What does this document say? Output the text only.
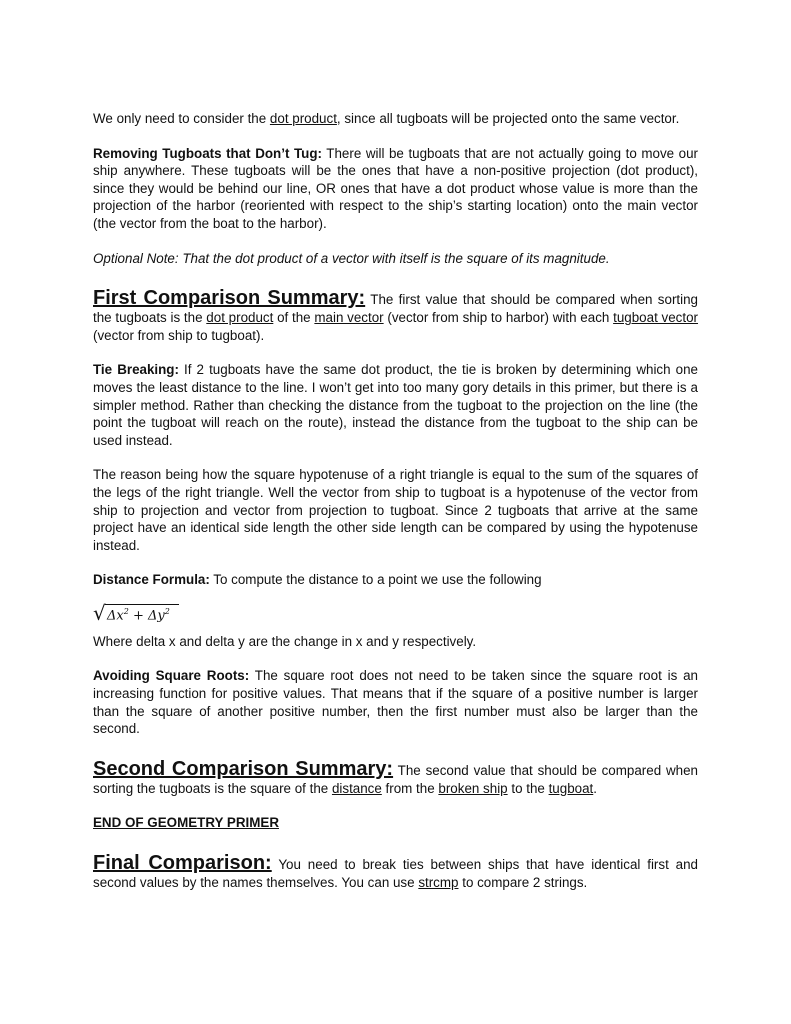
We only need to consider the dot product, since all tugboats will be projected onto the same vector.

Removing Tugboats that Don’t Tug: There will be tugboats that are not actually going to move our ship anywhere. These tugboats will be the ones that have a non-positive projection (dot product), since they would be behind our line, OR ones that have a dot product whose value is more than the projection of the harbor (reoriented with respect to the ship’s starting location) onto the main vector (the vector from the boat to the harbor).

Optional Note: That the dot product of a vector with itself is the square of its magnitude.

First Comparison Summary: The first value that should be compared when sorting the tugboats is the dot product of the main vector (vector from ship to harbor) with each tugboat vector (vector from ship to tugboat).

Tie Breaking: If 2 tugboats have the same dot product, the tie is broken by determining which one moves the least distance to the line. I won’t get into too many gory details in this primer, but there is a simpler method. Rather than checking the distance from the tugboat to the projection on the line (the point the tugboat will reach on the route), instead the distance from the tugboat to the ship can be used instead.

The reason being how the square hypotenuse of a right triangle is equal to the sum of the squares of the legs of the right triangle. Well the vector from ship to tugboat is a hypotenuse of the vector from ship to projection and vector from projection to tugboat. Since 2 tugboats that arrive at the same project have an identical side length the other side length can be compared by using the hypotenuse instead.

Distance Formula: To compute the distance to a point we use the following

√ $\Delta x^2 + \Delta y^2$

Where delta x and delta y are the change in x and y respectively.

Avoiding Square Roots: The square root does not need to be taken since the square root is an increasing function for positive values. That means that if the square of a positive number is larger than the square of another positive number, then the first number must also be larger than the second.

Second Comparison Summary: The second value that should be compared when sorting the tugboats is the square of the distance from the broken ship to the tugboat.

END OF GEOMETRY PRIMER

Final Comparison: You need to break ties between ships that have identical first and second values by the names themselves. You can use strcmp to compare 2 strings.
